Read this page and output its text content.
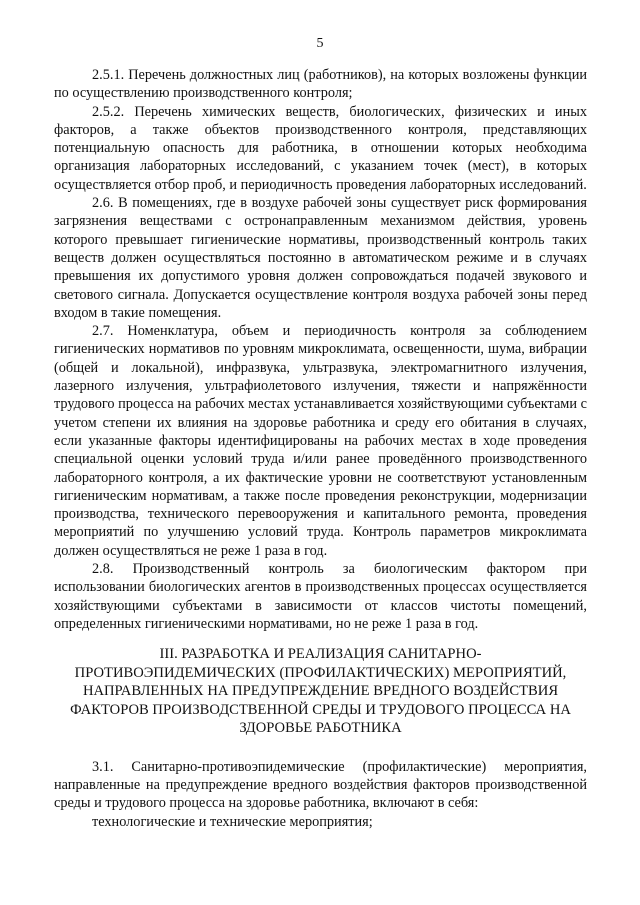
5

2.5.1. Перечень должностных лиц (работников), на которых возложены функции по осуществлению производственного контроля;

2.5.2. Перечень химических веществ, биологических, физических и иных факторов, а также объектов производственного контроля, представляющих потенциальную опасность для работника, в отношении которых необходима организация лабораторных исследований, с указанием точек (мест), в которых осуществляется отбор проб, и периодичность проведения лабораторных исследований.

2.6. В помещениях, где в воздухе рабочей зоны существует риск формирования загрязнения веществами с остронаправленным механизмом действия, уровень которого превышает гигиенические нормативы, производственный контроль таких веществ должен осуществляться постоянно в автоматическом режиме и в случаях превышения их допустимого уровня должен сопровождаться подачей звукового и светового сигнала. Допускается осуществление контроля воздуха рабочей зоны перед входом в такие помещения.

2.7. Номенклатура, объем и периодичность контроля за соблюдением гигиенических нормативов по уровням микроклимата, освещенности, шума, вибрации (общей и локальной), инфразвука, ультразвука, электромагнитного излучения, лазерного излучения, ультрафиолетового излучения, тяжести и напряжённости трудового процесса на рабочих местах устанавливается хозяйствующими субъектами с учетом степени их влияния на здоровье работника и среду его обитания в случаях, если указанные факторы идентифицированы на рабочих местах в ходе проведения специальной оценки условий труда и/или ранее проведённого производственного лабораторного контроля, а их фактические уровни не соответствуют установленным гигиеническим нормативам, а также после проведения реконструкции, модернизации производства, технического перевооружения и капитального ремонта, проведения мероприятий по улучшению условий труда. Контроль параметров микроклимата должен осуществляться не реже 1 раза в год.

2.8. Производственный контроль за биологическим фактором при использовании биологических агентов в производственных процессах осуществляется хозяйствующими субъектами в зависимости от классов чистоты помещений, определенных гигиеническими нормативами, но не реже 1 раза в год.

III. РАЗРАБОТКА И РЕАЛИЗАЦИЯ САНИТАРНО-ПРОТИВОЭПИДЕМИЧЕСКИХ (ПРОФИЛАКТИЧЕСКИХ) МЕРОПРИЯТИЙ, НАПРАВЛЕННЫХ НА ПРЕДУПРЕЖДЕНИЕ ВРЕДНОГО ВОЗДЕЙСТВИЯ ФАКТОРОВ ПРОИЗВОДСТВЕННОЙ СРЕДЫ И ТРУДОВОГО ПРОЦЕССА НА ЗДОРОВЬЕ РАБОТНИКА

3.1. Санитарно-противоэпидемические (профилактические) мероприятия, направленные на предупреждение вредного воздействия факторов производственной среды и трудового процесса на здоровье работника, включают в себя:

технологические и технические мероприятия;
